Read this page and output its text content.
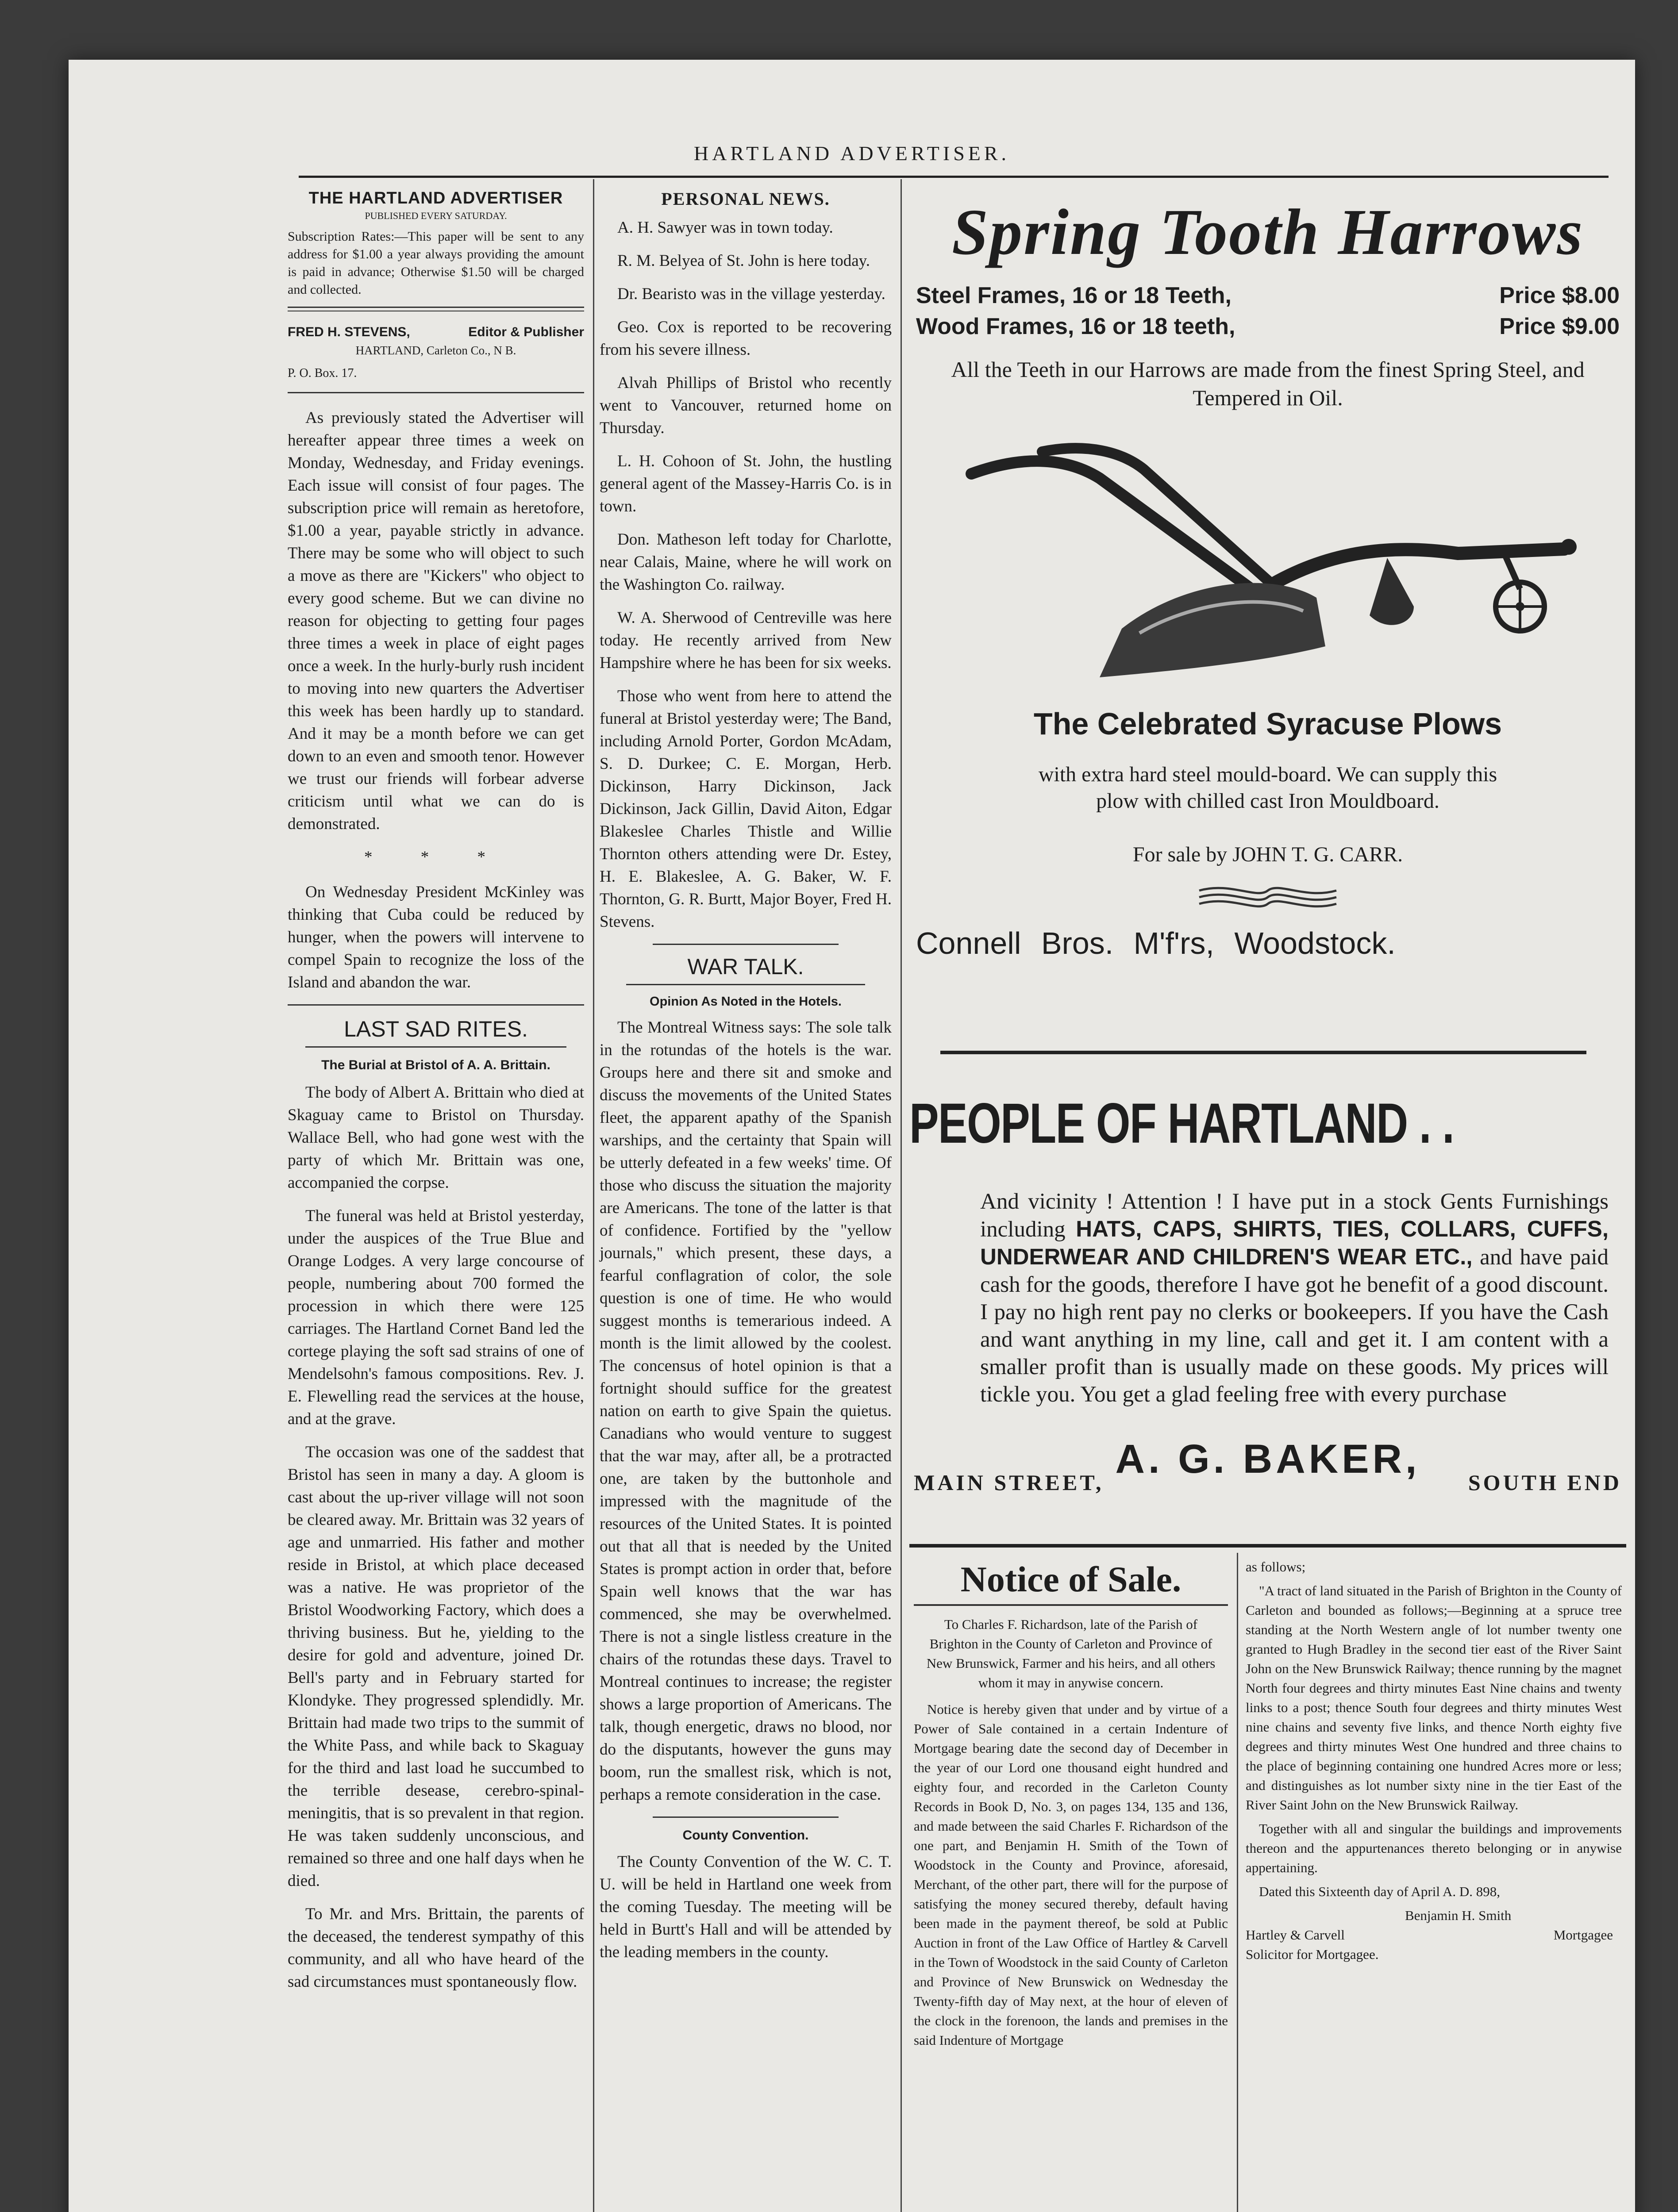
HARTLAND ADVERTISER.
THE HARTLAND ADVERTISER
PUBLISHED EVERY SATURDAY.
Subscription Rates:—This paper will be sent to any address for $1.00 a year always providing the amount is paid in advance; Otherwise $1.50 will be charged and collected.
FRED H. STEVENS,	Editor & Publisher
HARTLAND, Carleton Co., N B.
P. O. Box. 17.

As previously stated the Advertiser will hereafter appear three times a week on Monday, Wednesday, and Friday evenings. Each issue will consist of four pages. The subscription price will remain as heretofore, $1.00 a year, payable strictly in advance. There may be some who will object to such a move as there are "Kickers" who object to every good scheme. But we can divine no reason for objecting to getting four pages three times a week in place of eight pages once a week. In the hurly-burly rush incident to moving into new quarters the Advertiser this week has been hardly up to standard. And it may be a month before we can get down to an even and smooth tenor. However we trust our friends will forbear adverse criticism until what we can do is demonstrated.

* * *

On Wednesday President McKinley was thinking that Cuba could be reduced by hunger, when the powers will intervene to compel Spain to recognize the loss of the Island and abandon the war.

LAST SAD RITES.
The Burial at Bristol of A. A. Brittain.

The body of Albert A. Brittain who died at Skaguay came to Bristol on Thursday. Wallace Bell, who had gone west with the party of which Mr. Brittain was one, accompanied the corpse.

The funeral was held at Bristol yesterday, under the auspices of the True Blue and Orange Lodges. A very large concourse of people, numbering about 700 formed the procession in which there were 125 carriages. The Hartland Cornet Band led the cortege playing the soft sad strains of one of Mendelsohn's famous compositions. Rev. J. E. Flewelling read the services at the house, and at the grave.

The occasion was one of the saddest that Bristol has seen in many a day. A gloom is cast about the up-river village will not soon be cleared away. Mr. Brittain was 32 years of age and unmarried. His father and mother reside in Bristol, at which place deceased was a native. He was proprietor of the Bristol Woodworking Factory, which does a thriving business. But he, yielding to the desire for gold and adventure, joined Dr. Bell's party and in February started for Klondyke. They progressed splendidly. Mr. Brittain had made two trips to the summit of the White Pass, and while back to Skaguay for the third and last load he succumbed to the terrible desease, cerebro-spinal-meningitis, that is so prevalent in that region. He was taken suddenly unconscious, and remained so three and one half days when he died.

To Mr. and Mrs. Brittain, the parents of the deceased, the tenderest sympathy of this community, and all who have heard of the sad circumstances must spontaneously flow.

PERSONAL NEWS.

A. H. Sawyer was in town today.

R. M. Belyea of St. John is here today.

Dr. Bearisto was in the village yesterday.

Geo. Cox is reported to be recovering from his severe illness.

Alvah Phillips of Bristol who recently went to Vancouver, returned home on Thursday.

L. H. Cohoon of St. John, the hustling general agent of the Massey-Harris Co. is in town.

Don. Matheson left today for Charlotte, near Calais, Maine, where he will work on the Washington Co. railway.

W. A. Sherwood of Centreville was here today. He recently arrived from New Hampshire where he has been for six weeks.

Those who went from here to attend the funeral at Bristol yesterday were; The Band, including Arnold Porter, Gordon McAdam, S. D. Durkee; C. E. Morgan, Herb. Dickinson, Harry Dickinson, Jack Dickinson, Jack Gillin, David Aiton, Edgar Blakeslee Charles Thistle and Willie Thornton others attending were Dr. Estey, H. E. Blakeslee, A. G. Baker, W. F. Thornton, G. R. Burtt, Major Boyer, Fred H. Stevens.

WAR TALK.
Opinion As Noted in the Hotels.

The Montreal Witness says: The sole talk in the rotundas of the hotels is the war. Groups here and there sit and smoke and discuss the movements of the United States fleet, the apparent apathy of the Spanish warships, and the certainty that Spain will be utterly defeated in a few weeks' time. Of those who discuss the situation the majority are Americans. The tone of the latter is that of confidence. Fortified by the "yellow journals," which present, these days, a fearful conflagration of color, the sole question is one of time. He who would suggest months is temerarious indeed. A month is the limit allowed by the coolest. The concensus of hotel opinion is that a fortnight should suffice for the greatest nation on earth to give Spain the quietus. Canadians who would venture to suggest that the war may, after all, be a protracted one, are taken by the buttonhole and impressed with the magnitude of the resources of the United States. It is pointed out that all that is needed by the United States is prompt action in order that, before Spain well knows that the war has commenced, she may be overwhelmed. There is not a single listless creature in the chairs of the rotundas these days. Travel to Montreal continues to increase; the register shows a large proportion of Americans. The talk, though energetic, draws no blood, nor do the disputants, however the guns may boom, run the smallest risk, which is not, perhaps a remote consideration in the case.

County Convention.

The County Convention of the W. C. T. U. will be held in Hartland one week from the coming Tuesday. The meeting will be held in Burtt's Hall and will be attended by the leading members in the county.

Spring Tooth Harrows
Steel Frames, 16 or 18 Teeth,	Price $8.00
Wood Frames, 16 or 18 teeth,	Price $9.00
All the Teeth in our Harrows are made from the finest Spring Steel, and Tempered in Oil.
The Celebrated Syracuse Plows
with extra hard steel mould-board. We can supply this plow with chilled cast Iron Mouldboard.
For sale by JOHN T. G. CARR.
Connell Bros. M'f'rs, Woodstock.
PEOPLE OF HARTLAND . .
And vicinity ! Attention ! I have put in a stock Gents Furnishings including HATS, CAPS, SHIRTS, TIES, COLLARS, CUFFS, UNDERWEAR AND CHILDREN'S WEAR ETC., and have paid cash for the goods, therefore I have got he benefit of a good discount. I pay no high rent pay no clerks or bookeepers. If you have the Cash and want anything in my line, call and get it. I am content with a smaller profit than is usually made on these goods. My prices will tickle you. You get a glad feeling free with every purchase
A. G. BAKER,
MAIN STREET,	SOUTH END
Notice of Sale.
To Charles F. Richardson, late of the Parish of Brighton in the County of Carleton and Province of New Brunswick, Farmer and his heirs, and all others whom it may in anywise concern.

Notice is hereby given that under and by virtue of a Power of Sale contained in a certain Indenture of Mortgage bearing date the second day of December in the year of our Lord one thousand eight hundred and eighty four, and recorded in the Carleton County Records in Book D, No. 3, on pages 134, 135 and 136, and made between the said Charles F. Richardson of the one part, and Benjamin H. Smith of the Town of Woodstock in the County and Province, aforesaid, Merchant, of the other part, there will for the purpose of satisfying the money secured thereby, default having been made in the payment thereof, be sold at Public Auction in front of the Law Office of Hartley & Carvell in the Town of Woodstock in the said County of Carleton and Province of New Brunswick on Wednesday the Twenty-fifth day of May next, at the hour of eleven of the clock in the forenoon, the lands and premises in the said Indenture of Mortgage

as follows;

"A tract of land situated in the Parish of Brighton in the County of Carleton and bounded as follows;—Beginning at a spruce tree standing at the North Western angle of lot number twenty one granted to Hugh Bradley in the second tier east of the River Saint John on the New Brunswick Railway; thence running by the magnet North four degrees and thirty minutes East Nine chains and twenty links to a post; thence South four degrees and thirty minutes West nine chains and seventy five links, and thence North eighty five degrees and thirty minutes West One hundred and three chains to the place of beginning containing one hundred Acres more or less; and distinguishes as lot number sixty nine in the tier East of the River Saint John on the New Brunswick Railway.

Together with all and singular the buildings and improvements thereon and the appurtenances thereto belonging or in anywise appertaining.

Dated this Sixteenth day of April A. D. 898,

Benjamin H. Smith
Hartley & Carvell	Mortgagee
Solicitor for Mortgagee.
